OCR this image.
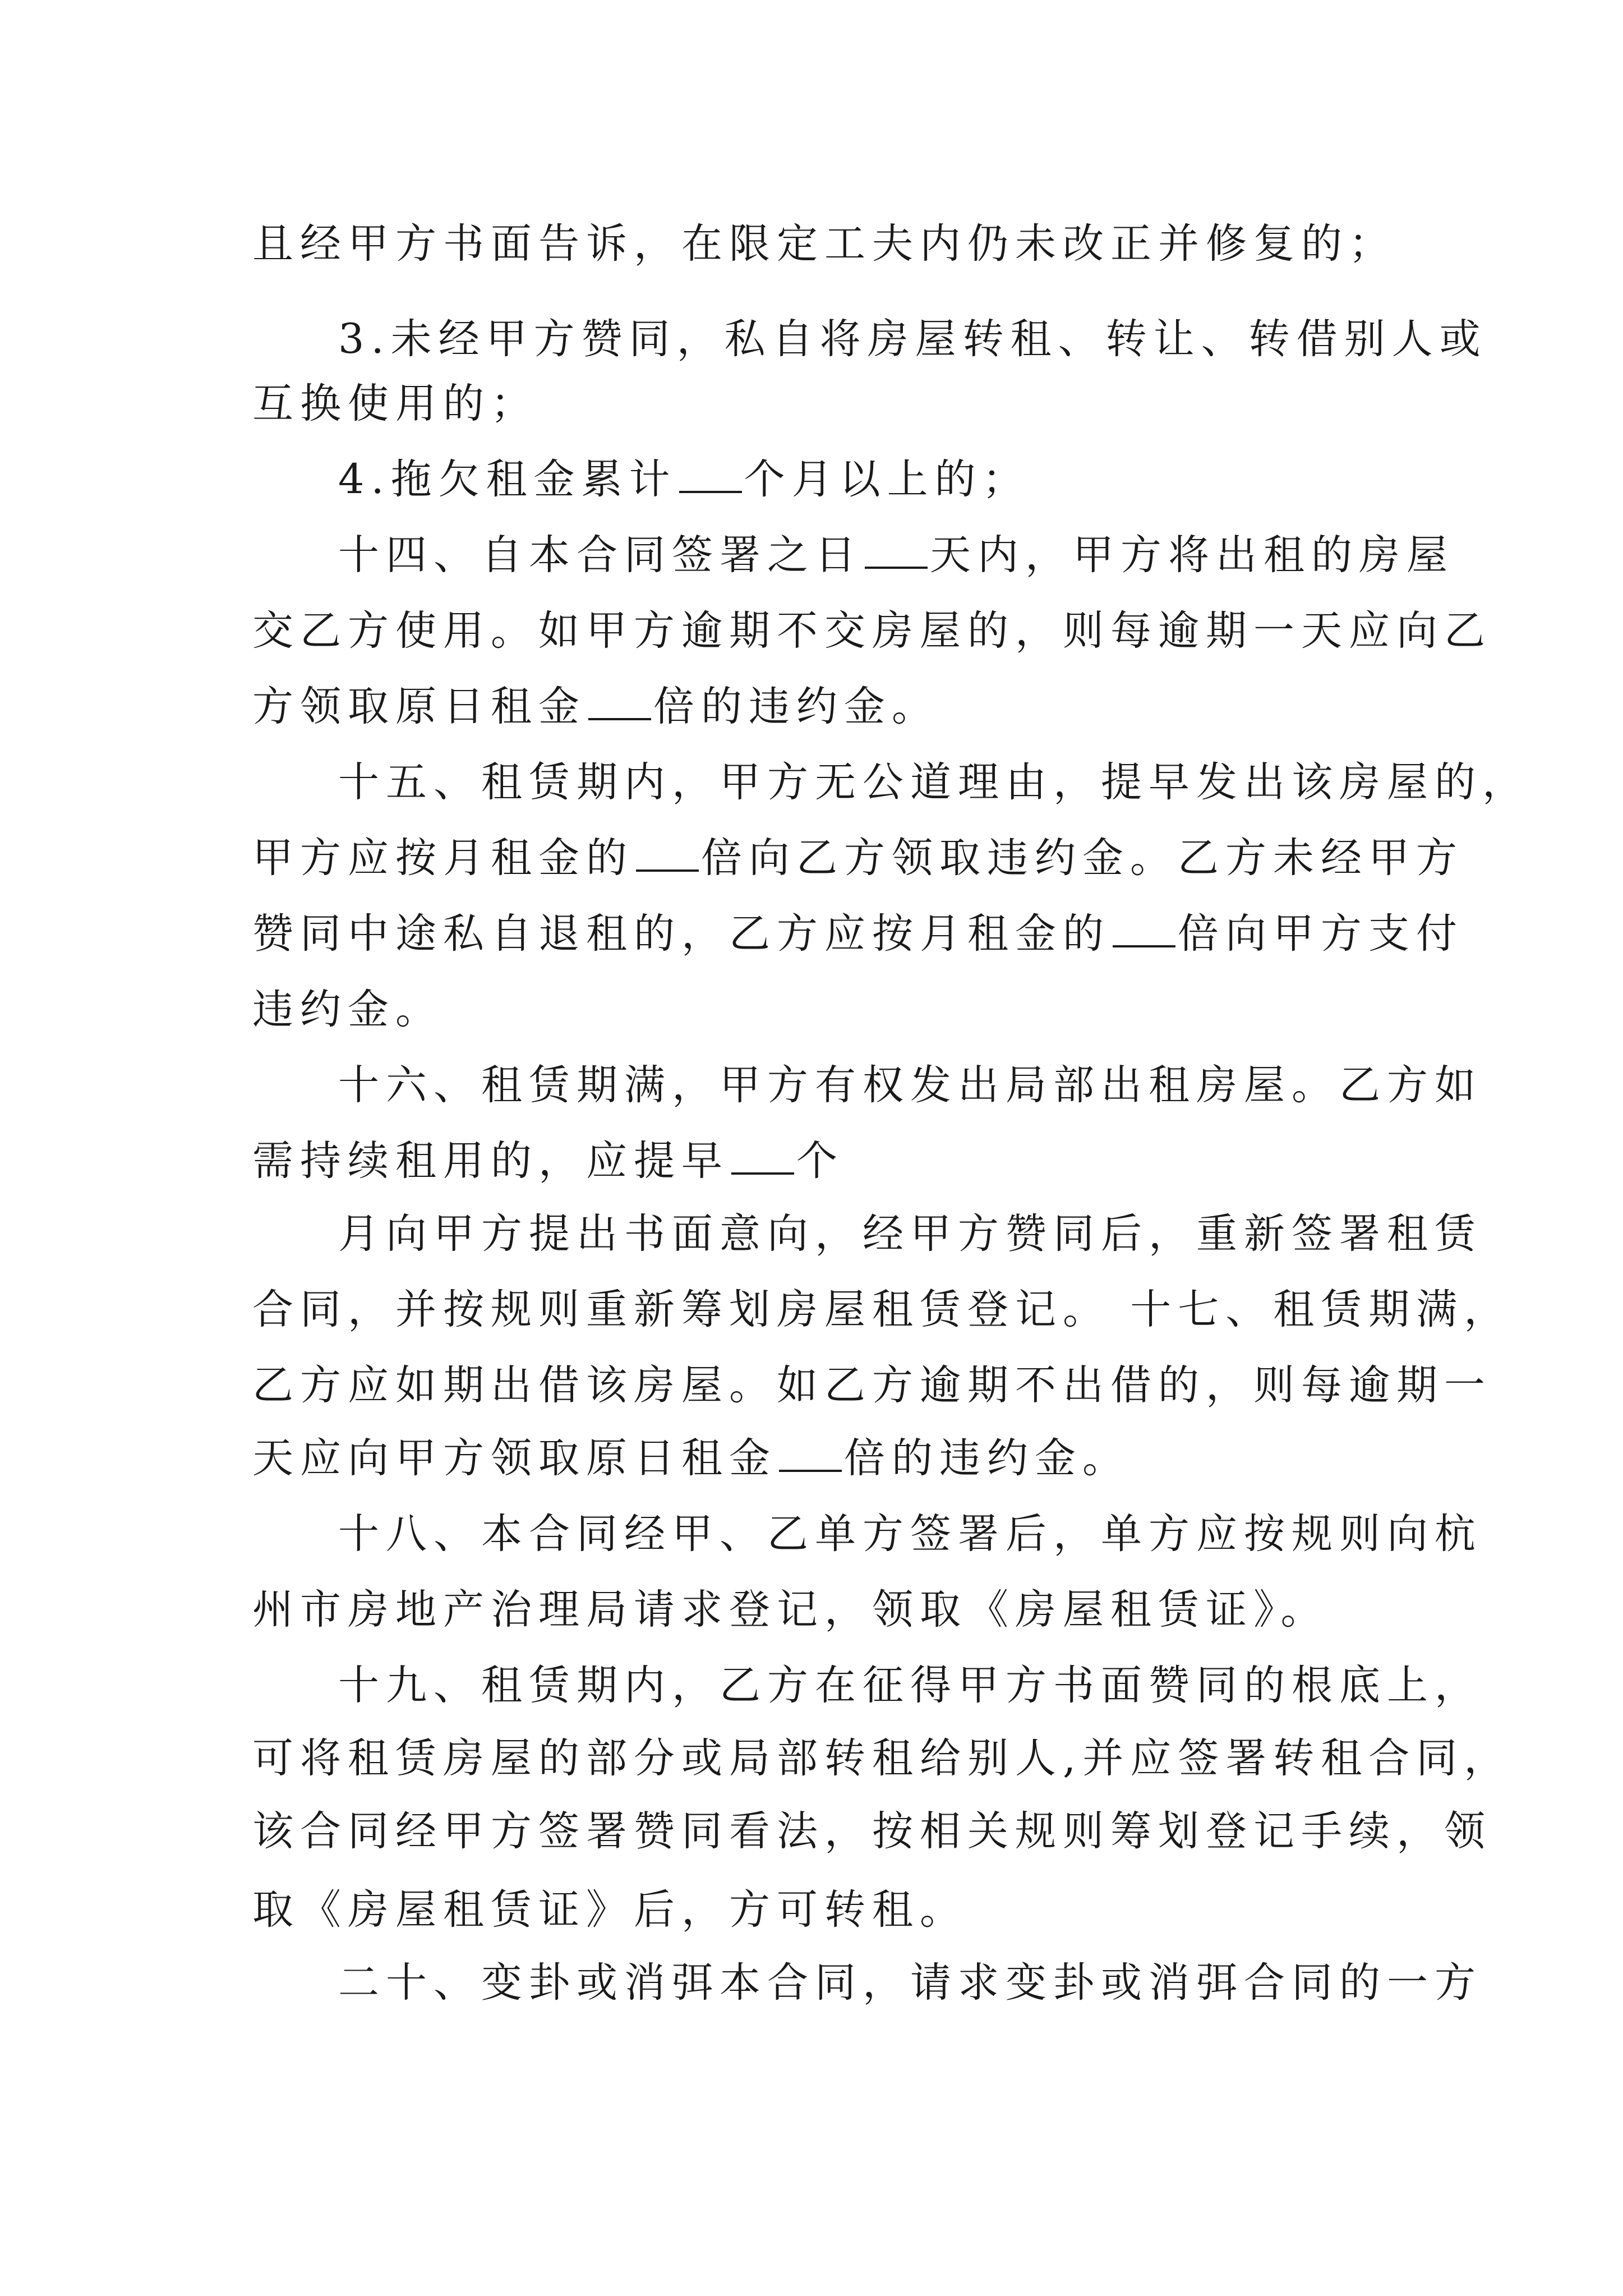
且经甲方书面告诉，在限定工夫内仍未改正并修复的；
3.未经甲方赞同，私自将房屋转租、转让、转借别人或
互换使用的；
4.拖欠租金累计 个月以上的；
十四、自本合同签署之日 天内，甲方将出租的房屋
交乙方使用。如甲方逾期不交房屋的，则每逾期一天应向乙
方领取原日租金 倍的违约金。
十五、租赁期内，甲方无公道理由，提早发出该房屋的，
甲方应按月租金的 倍向乙方领取违约金。乙方未经甲方
赞同中途私自退租的，乙方应按月租金的 倍向甲方支付
违约金。
十六、租赁期满，甲方有权发出局部出租房屋。乙方如
需持续租用的，应提早 个
月向甲方提出书面意向，经甲方赞同后，重新签署租赁
合同，并按规则重新筹划房屋租赁登记。 十七、租赁期满，
乙方应如期出借该房屋。如乙方逾期不出借的，则每逾期一
天应向甲方领取原日租金 倍的违约金。
十八、本合同经甲、乙单方签署后，单方应按规则向杭
州市房地产治理局请求登记，领取《房屋租赁证》。
十九、租赁期内，乙方在征得甲方书面赞同的根底上，
可将租赁房屋的部分或局部转租给别人,并应签署转租合同，
该合同经甲方签署赞同看法，按相关规则筹划登记手续，领
取《房屋租赁证》后，方可转租。
二十、变卦或消弭本合同，请求变卦或消弭合同的一方
